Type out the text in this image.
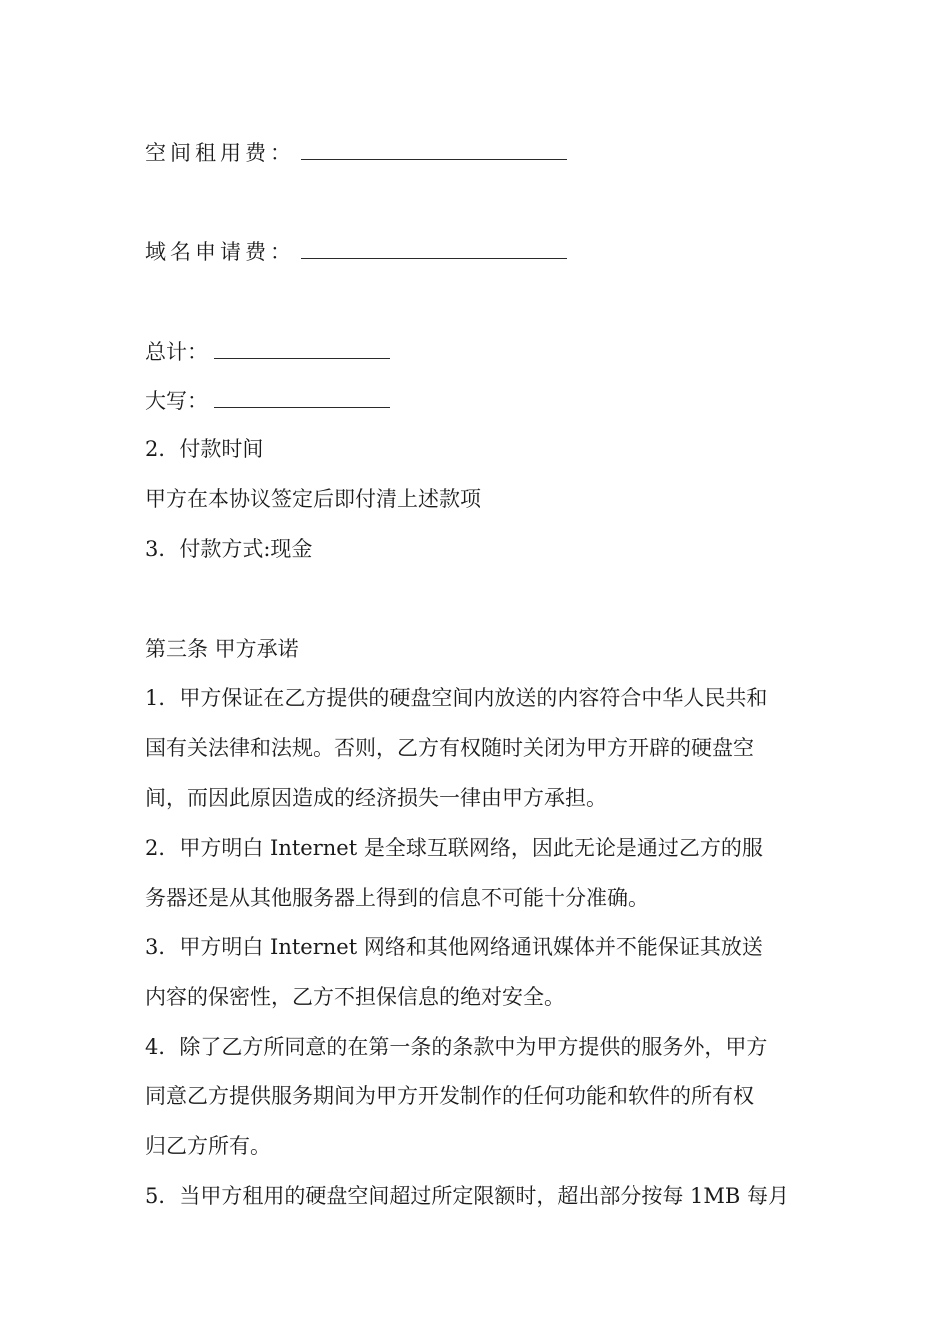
空间租用费：
域名申请费：
总计：
大写：
2．付款时间
甲方在本协议签定后即付清上述款项
3．付款方式:现金
第三条 甲方承诺
1．甲方保证在乙方提供的硬盘空间内放送的内容符合中华人民共和
国有关法律和法规。否则，乙方有权随时关闭为甲方开辟的硬盘空
间，而因此原因造成的经济损失一律由甲方承担。
2．甲方明白 Internet 是全球互联网络，因此无论是通过乙方的服
务器还是从其他服务器上得到的信息不可能十分准确。
3．甲方明白 Internet 网络和其他网络通讯媒体并不能保证其放送
内容的保密性，乙方不担保信息的绝对安全。
4．除了乙方所同意的在第一条的条款中为甲方提供的服务外，甲方
同意乙方提供服务期间为甲方开发制作的任何功能和软件的所有权
归乙方所有。
5．当甲方租用的硬盘空间超过所定限额时，超出部分按每 1MB 每月
